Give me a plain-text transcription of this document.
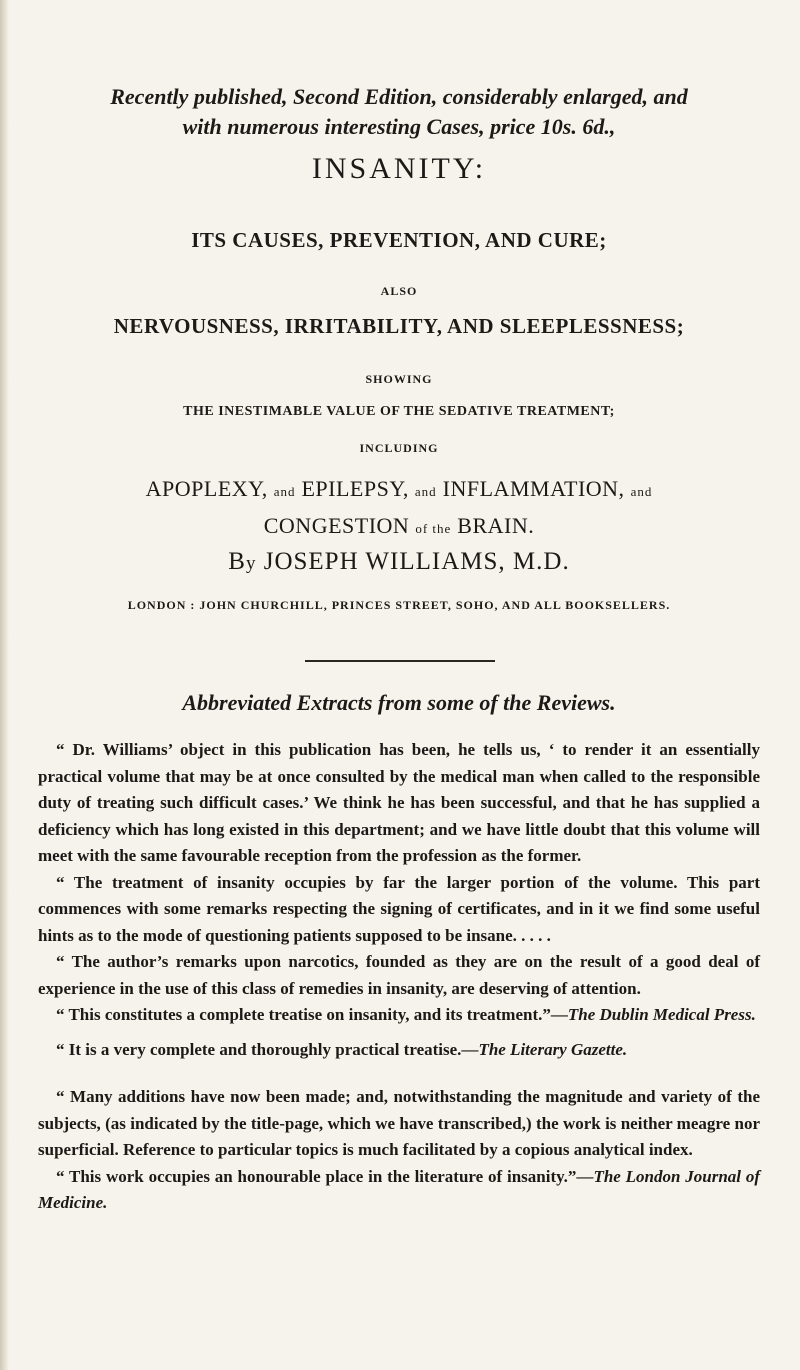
Recently published, Second Edition, considerably enlarged, and
with numerous interesting Cases, price 10s. 6d.,
INSANITY:
ITS CAUSES, PREVENTION, AND CURE;
ALSO
NERVOUSNESS, IRRITABILITY, AND SLEEPLESSNESS;
SHOWING
THE INESTIMABLE VALUE OF THE SEDATIVE TREATMENT;
INCLUDING
APOPLEXY, and EPILEPSY, and INFLAMMATION, and
CONGESTION of the BRAIN.
By JOSEPH WILLIAMS, M.D.
LONDON : JOHN CHURCHILL, PRINCES STREET, SOHO, AND ALL BOOKSELLERS.
Abbreviated Extracts from some of the Reviews.

“ Dr. Williams’ object in this publication has been, he tells us, ‘ to render it an essentially practical volume that may be at once consulted by the medical man when called to the responsible duty of treating such difficult cases.’ We think he has been successful, and that he has supplied a deficiency which has long existed in this department; and we have little doubt that this volume will meet with the same favourable reception from the profession as the former.

“ The treatment of insanity occupies by far the larger portion of the volume. This part commences with some remarks respecting the signing of certificates, and in it we find some useful hints as to the mode of questioning patients supposed to be insane. . . . .

“ The author’s remarks upon narcotics, founded as they are on the result of a good deal of experience in the use of this class of remedies in insanity, are deserving of attention.

“ This constitutes a complete treatise on insanity, and its treatment.”—The Dublin Medical Press.

“ It is a very complete and thoroughly practical treatise.—The Literary Gazette.

“ Many additions have now been made; and, notwithstanding the magnitude and variety of the subjects, (as indicated by the title-page, which we have transcribed,) the work is neither meagre nor superficial. Reference to particular topics is much facilitated by a copious analytical index.

“ This work occupies an honourable place in the literature of insanity.”—The London Journal of Medicine.
